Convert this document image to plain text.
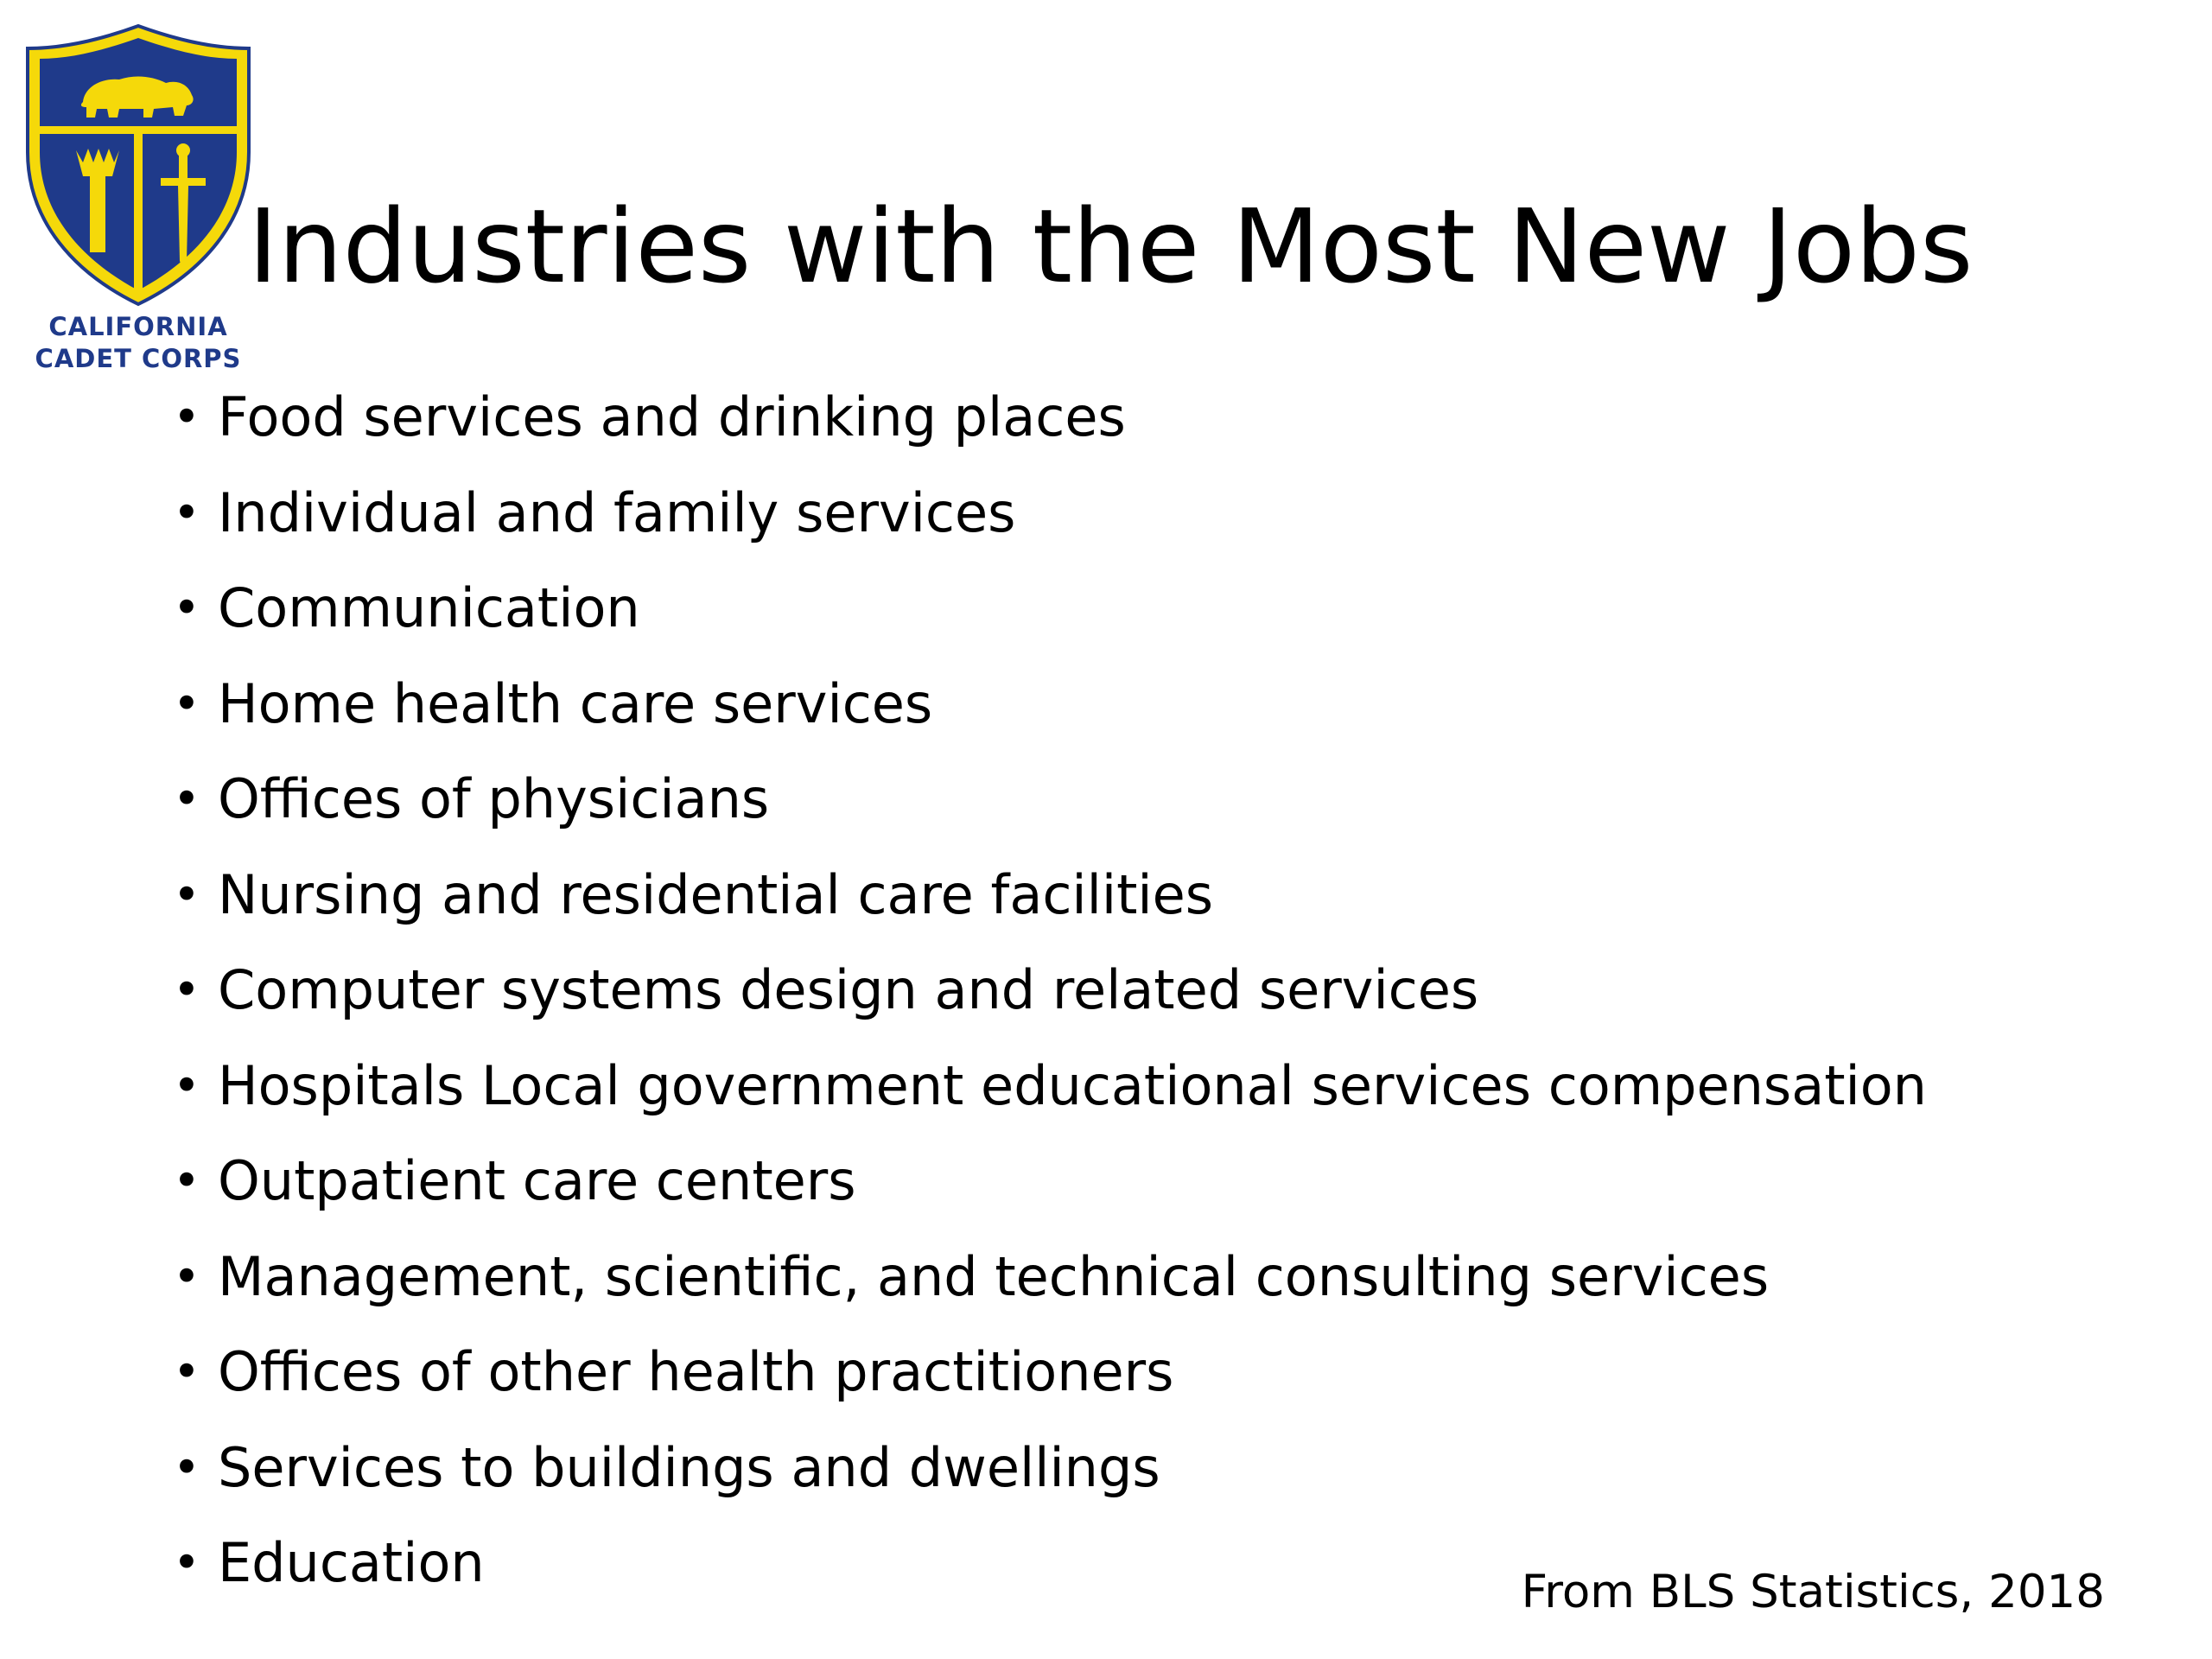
CALIFORNIA
CADET CORPS
Industries with the Most New Jobs
• Food services and drinking places
• Individual and family services
• Communication
• Home health care services
• Offices of physicians
• Nursing and residential care facilities
• Computer systems design and related services
• Hospitals Local government educational services compensation
• Outpatient care centers
• Management, scientific, and technical consulting services
• Offices of other health practitioners
• Services to buildings and dwellings
• Education	From BLS Statistics, 2018
